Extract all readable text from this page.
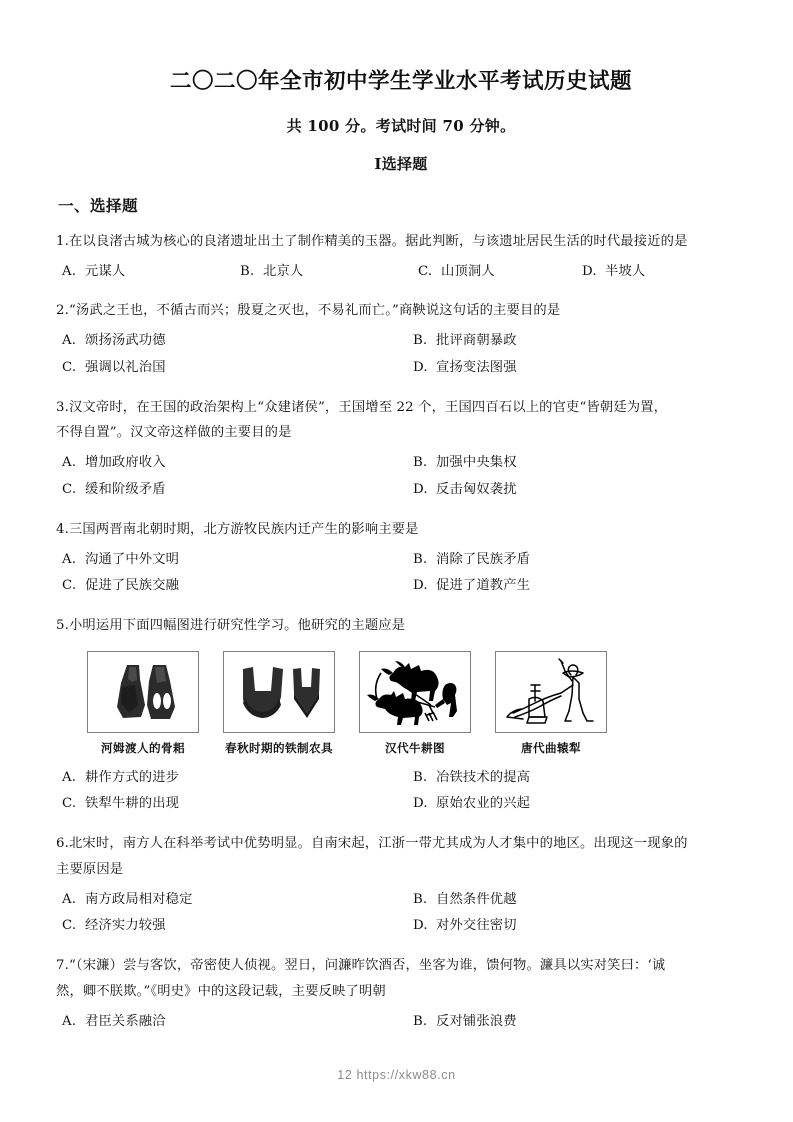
二〇二〇年全市初中学生学业水平考试历史试题
共 100 分。考试时间 70 分钟。
Ⅰ选择题
一、选择题
1.在以良渚古城为核心的良渚遗址出土了制作精美的玉器。据此判断，与该遗址居民生活的时代最接近的是
A. 元谋人	B. 北京人	C. 山顶洞人	D. 半坡人
2.“汤武之王也，不循古而兴；殷夏之灭也，不易礼而亡。”商鞅说这句话的主要目的是
A. 颂扬汤武功德	B. 批评商朝暴政
C. 强调以礼治国	D. 宣扬变法图强
3.汉文帝时，在王国的政治架构上“众建诸侯”，王国增至 22 个，王国四百石以上的官吏“皆朝廷为置，
不得自置”。汉文帝这样做的主要目的是
A. 增加政府收入	B. 加强中央集权
C. 缓和阶级矛盾	D. 反击匈奴袭扰
4.三国两晋南北朝时期，北方游牧民族内迁产生的影响主要是
A. 沟通了中外文明	B. 消除了民族矛盾
C. 促进了民族交融	D. 促进了道教产生
5.小明运用下面四幅图进行研究性学习。他研究的主题应是
河姆渡人的骨耜	春秋时期的铁制农具	汉代牛耕图	唐代曲辕犁
A. 耕作方式的进步	B. 冶铁技术的提高
C. 铁犁牛耕的出现	D. 原始农业的兴起
6.北宋时，南方人在科举考试中优势明显。自南宋起，江浙一带尤其成为人才集中的地区。出现这一现象的
主要原因是
A. 南方政局相对稳定	B. 自然条件优越
C. 经济实力较强	D. 对外交往密切
7.“（宋濂）尝与客饮，帝密使人侦视。翌日，问濂昨饮酒否，坐客为谁，馈何物。濂具以实对笑曰：‘诚
然，卿不朕欺。”《明史》中的这段记载，主要反映了明朝
A. 君臣关系融洽	B. 反对铺张浪费
12 https://xkw88.cn
